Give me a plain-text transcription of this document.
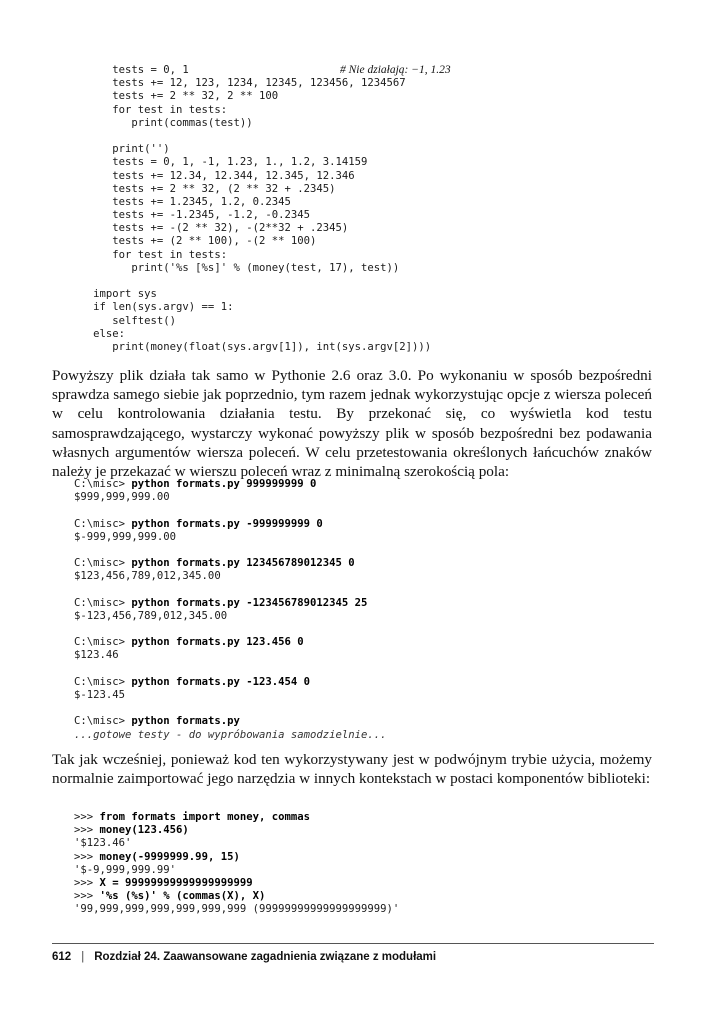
tests = 0, 1
tests += 12, 123, 1234, 12345, 123456, 1234567
tests += 2 ** 32, 2 ** 100
for test in tests:
print(commas(test))

print('')
tests = 0, 1, -1, 1.23, 1., 1.2, 3.14159
tests += 12.34, 12.344, 12.345, 12.346
tests += 2 ** 32, (2 ** 32 + .2345)
tests += 1.2345, 1.2, 0.2345
tests += -1.2345, -1.2, -0.2345
tests += -(2 ** 32), -(2**32 + .2345)
tests += (2 ** 100), -(2 ** 100)
for test in tests:
print('%s [%s]' % (money(test, 17), test))

import sys
if len(sys.argv) == 1:
selftest()
else:
print(money(float(sys.argv[1]), int(sys.argv[2])))
# Nie działają: −1, 1.23

Powyższy plik działa tak samo w Pythonie 2.6 oraz 3.0. Po wykonaniu w sposób bezpośredni sprawdza samego siebie jak poprzednio, tym razem jednak wykorzystując opcje z wiersza poleceń w celu kontrolowania działania testu. By przekonać się, co wyświetla kod testu samosprawdzającego, wystarczy wykonać powyższy plik w sposób bezpośredni bez podawania własnych argumentów wiersza poleceń. W celu przetestowania określonych łańcuchów znaków należy je przekazać w wierszu poleceń wraz z minimalną szerokością pola:

C:\misc> python formats.py 999999999 0
$999,999,999.00

C:\misc> python formats.py -999999999 0
$-999,999,999.00

C:\misc> python formats.py 123456789012345 0
$123,456,789,012,345.00

C:\misc> python formats.py -123456789012345 25
$-123,456,789,012,345.00

C:\misc> python formats.py 123.456 0
$123.46

C:\misc> python formats.py -123.454 0
$-123.45

C:\misc> python formats.py
...gotowe testy - do wypróbowania samodzielnie...

Tak jak wcześniej, ponieważ kod ten wykorzystywany jest w podwójnym trybie użycia, możemy normalnie zaimportować jego narzędzia w innych kontekstach w postaci komponentów biblioteki:

>>> from formats import money, commas
>>> money(123.456)
'$123.46'
>>> money(-9999999.99, 15)
'$-9,999,999.99'
>>> X = 99999999999999999999
>>> '%s (%s)' % (commas(X), X)
'99,999,999,999,999,999,999 (99999999999999999999)'
612 | Rozdział 24. Zaawansowane zagadnienia związane z modułami
